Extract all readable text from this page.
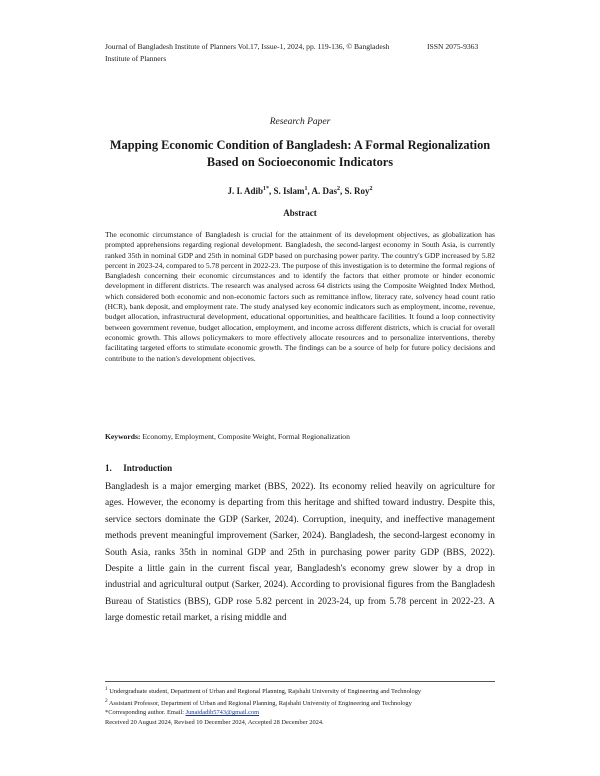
Journal of Bangladesh Institute of Planners Vol.17, Issue-1, 2024, pp. 119-136, © Bangladesh Institute of Planners
ISSN 2075-9363
Research Paper
Mapping Economic Condition of Bangladesh: A Formal Regionalization Based on Socioeconomic Indicators
J. I. Adib$^{1*}$, S. Islam$^1$, A. Das$^2$, S. Roy$^2$
Abstract
The economic circumstance of Bangladesh is crucial for the attainment of its development objectives, as globalization has prompted apprehensions regarding regional development. Bangladesh, the second-largest economy in South Asia, is currently ranked 35th in nominal GDP and 25th in nominal GDP based on purchasing power parity. The country's GDP increased by 5.82 percent in 2023-24, compared to 5.78 percent in 2022-23. The purpose of this investigation is to determine the formal regions of Bangladesh concerning their economic circumstances and to identify the factors that either promote or hinder economic development in different districts. The research was analysed across 64 districts using the Composite Weighted Index Method, which considered both economic and non-economic factors such as remittance inflow, literacy rate, solvency head count ratio (HCR), bank deposit, and employment rate. The study analysed key economic indicators such as employment, income, revenue, budget allocation, infrastructural development, educational opportunities, and healthcare facilities. It found a loop connectivity between government revenue, budget allocation, employment, and income across different districts, which is crucial for overall economic growth. This allows policymakers to more effectively allocate resources and to personalize interventions, thereby facilitating targeted efforts to stimulate economic growth. The findings can be a source of help for future policy decisions and contribute to the nation's development objectives.
Keywords: Economy, Employment, Composite Weight, Formal Regionalization
1. Introduction
Bangladesh is a major emerging market (BBS, 2022). Its economy relied heavily on agriculture for ages. However, the economy is departing from this heritage and shifted toward industry. Despite this, service sectors dominate the GDP (Sarker, 2024). Corruption, inequity, and ineffective management methods prevent meaningful improvement (Sarker, 2024). Bangladesh, the second-largest economy in South Asia, ranks 35th in nominal GDP and 25th in purchasing power parity GDP (BBS, 2022). Despite a little gain in the current fiscal year, Bangladesh's economy grew slower by a drop in industrial and agricultural output (Sarker, 2024). According to provisional figures from the Bangladesh Bureau of Statistics (BBS), GDP rose 5.82 percent in 2023-24, up from 5.78 percent in 2022-23. A large domestic retail market, a rising middle and

$^1$ Undergraduate student, Department of Urban and Regional Planning, Rajshahi University of Engineering and Technology

$^2$ Assistant Professor, Department of Urban and Regional Planning, Rajshahi University of Engineering and Technology

*Corresponding author. Email: Junaidadib5743@gmail.com

Received 20 August 2024, Revised 10 December 2024, Accepted 28 December 2024.
